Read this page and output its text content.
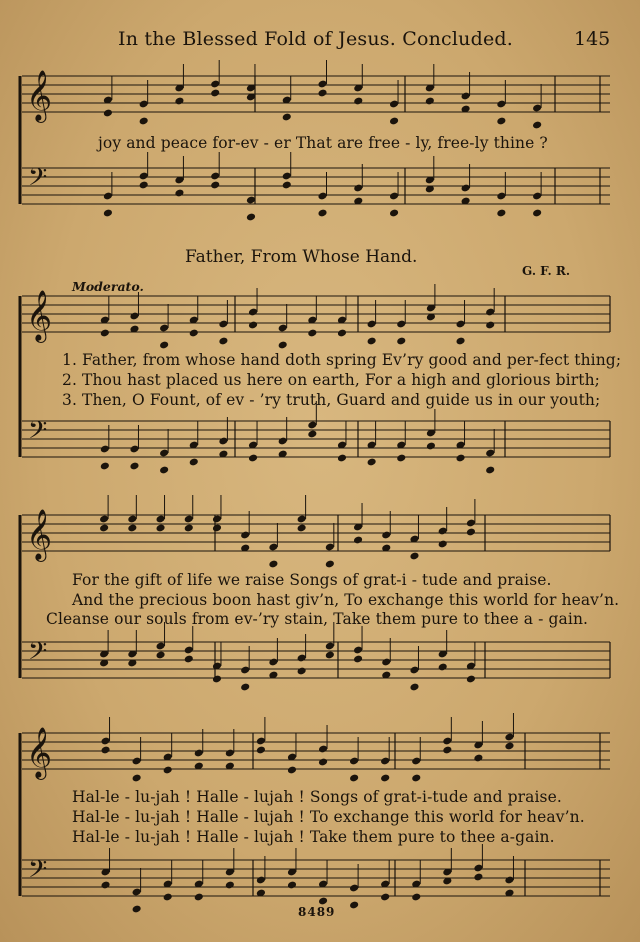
In the Blessed Fold of Jesus. Concluded.	145
𝄞
𝄢
𝄞
𝄢
𝄞
𝄢
𝄞
𝄢
joy and peace for-ev - er That are free - ly, free-ly thine ?
Father, From Whose Hand.
G. F. R.
Moderato.
1. Father, from whose hand doth spring Ev’ry good and per-fect thing;
2. Thou hast placed us here on earth, For a high and glorious birth;
3. Then, O Fount, of ev - ’ry truth, Guard and guide us in our youth;
For the gift of life we raise Songs of grat-i - tude and praise.
And the precious boon hast giv’n, To exchange this world for heav’n.
Cleanse our souls from ev-’ry stain, Take them pure to thee a - gain.
Hal-le - lu-jah ! Halle - lujah ! Songs of grat-i-tude and praise.
Hal-le - lu-jah ! Halle - lujah ! To exchange this world for heav’n.
Hal-le - lu-jah ! Halle - lujah ! Take them pure to thee a-gain.
8489
